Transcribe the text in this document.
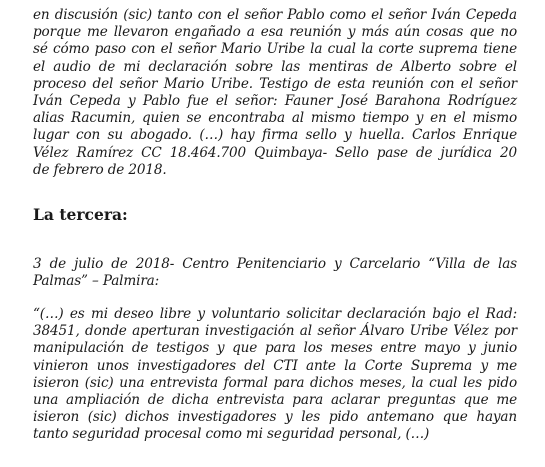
en discusión (sic) tanto con el señor Pablo como el señor Iván Cepeda
porque me llevaron engañado a esa reunión y más aún cosas que no
sé cómo paso con el señor Mario Uribe la cual la corte suprema tiene
el audio de mi declaración sobre las mentiras de Alberto sobre el
proceso del señor Mario Uribe. Testigo de esta reunión con el señor
Iván Cepeda y Pablo fue el señor: Fauner José Barahona Rodríguez
alias Racumin, quien se encontraba al mismo tiempo y en el mismo
lugar con su abogado. (…) hay firma sello y huella. Carlos Enrique
Vélez Ramírez CC 18.464.700 Quimbaya- Sello pase de jurídica 20
de febrero de 2018.
La tercera:
3 de julio de 2018- Centro Penitenciario y Carcelario “Villa de las
Palmas” – Palmira:
“(…) es mi deseo libre y voluntario solicitar declaración bajo el Rad:
38451, donde aperturan investigación al señor Álvaro Uribe Vélez por
manipulación de testigos y que para los meses entre mayo y junio
vinieron unos investigadores del CTI ante la Corte Suprema y me
isieron (sic) una entrevista formal para dichos meses, la cual les pido
una ampliación de dicha entrevista para aclarar preguntas que me
isieron (sic) dichos investigadores y les pido antemano que hayan
tanto seguridad procesal como mi seguridad personal, (…)
